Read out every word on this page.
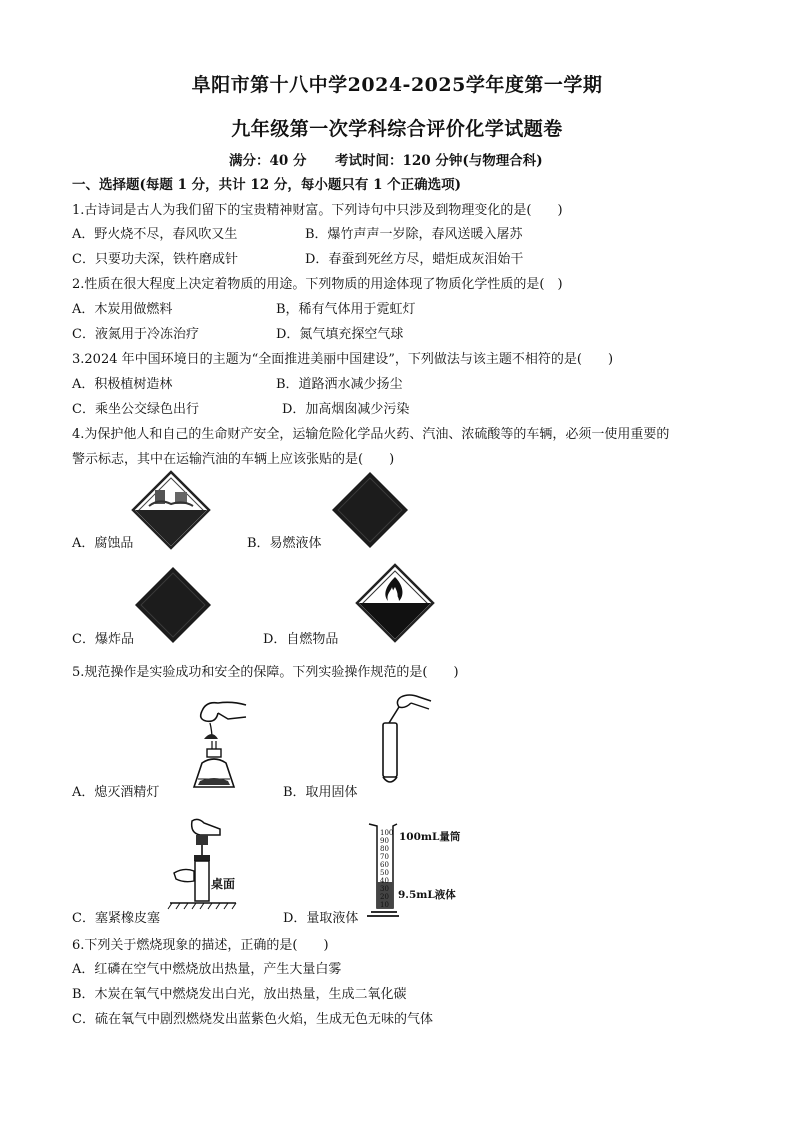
阜阳市第十八中学2024-2025学年度第一学期
九年级第一次学科综合评价化学试题卷
满分：40 分 考试时间：120 分钟(与物理合科)
一、选择题(每题 1 分，共计 12 分，每小题只有 1 个正确选项)
1.古诗词是古人为我们留下的宝贵精神财富。下列诗句中只涉及到物理变化的是(　　)
A．野火烧不尽，春风吹又生	B．爆竹声声一岁除，春风送暖入屠苏
C．只要功夫深，铁杵磨成针	D．春蚕到死丝方尽，蜡炬成灰泪始干
2.性质在很大程度上决定着物质的用途。下列物质的用途体现了物质化学性质的是(　)
A．木炭用做燃料	B，稀有气体用于霓虹灯
C．液氮用于冷冻治疗	D．氮气填充探空气球
3.2024 年中国环境日的主题为“全面推进美丽中国建设”，下列做法与该主题不相符的是(　　)
A．积极植树造林	B．道路洒水减少扬尘
C．乘坐公交绿色出行	D．加高烟囱减少污染
4.为保护他人和自己的生命财产安全，运输危险化学品火药、汽油、浓硫酸等的车辆，必须一使用重要的
警示标志，其中在运输汽油的车辆上应该张贴的是(　　)
A．腐蚀品	B．易燃液体
C．爆炸品	D．自燃物品
5.规范操作是实验成功和安全的保障。下列实验操作规范的是(　　)
A．熄灭酒精灯	B．取用固体
桌面
100
90
80
70
60
50
40
30
20
10
100mL量筒
9.5mL液体
C．塞紧橡皮塞	D．量取液体
6.下列关于燃烧现象的描述，正确的是(　　)
A．红磷在空气中燃烧放出热量，产生大量白雾
B．木炭在氧气中燃烧发出白光，放出热量，生成二氧化碳
C．硫在氧气中剧烈燃烧发出蓝紫色火焰，生成无色无味的气体
